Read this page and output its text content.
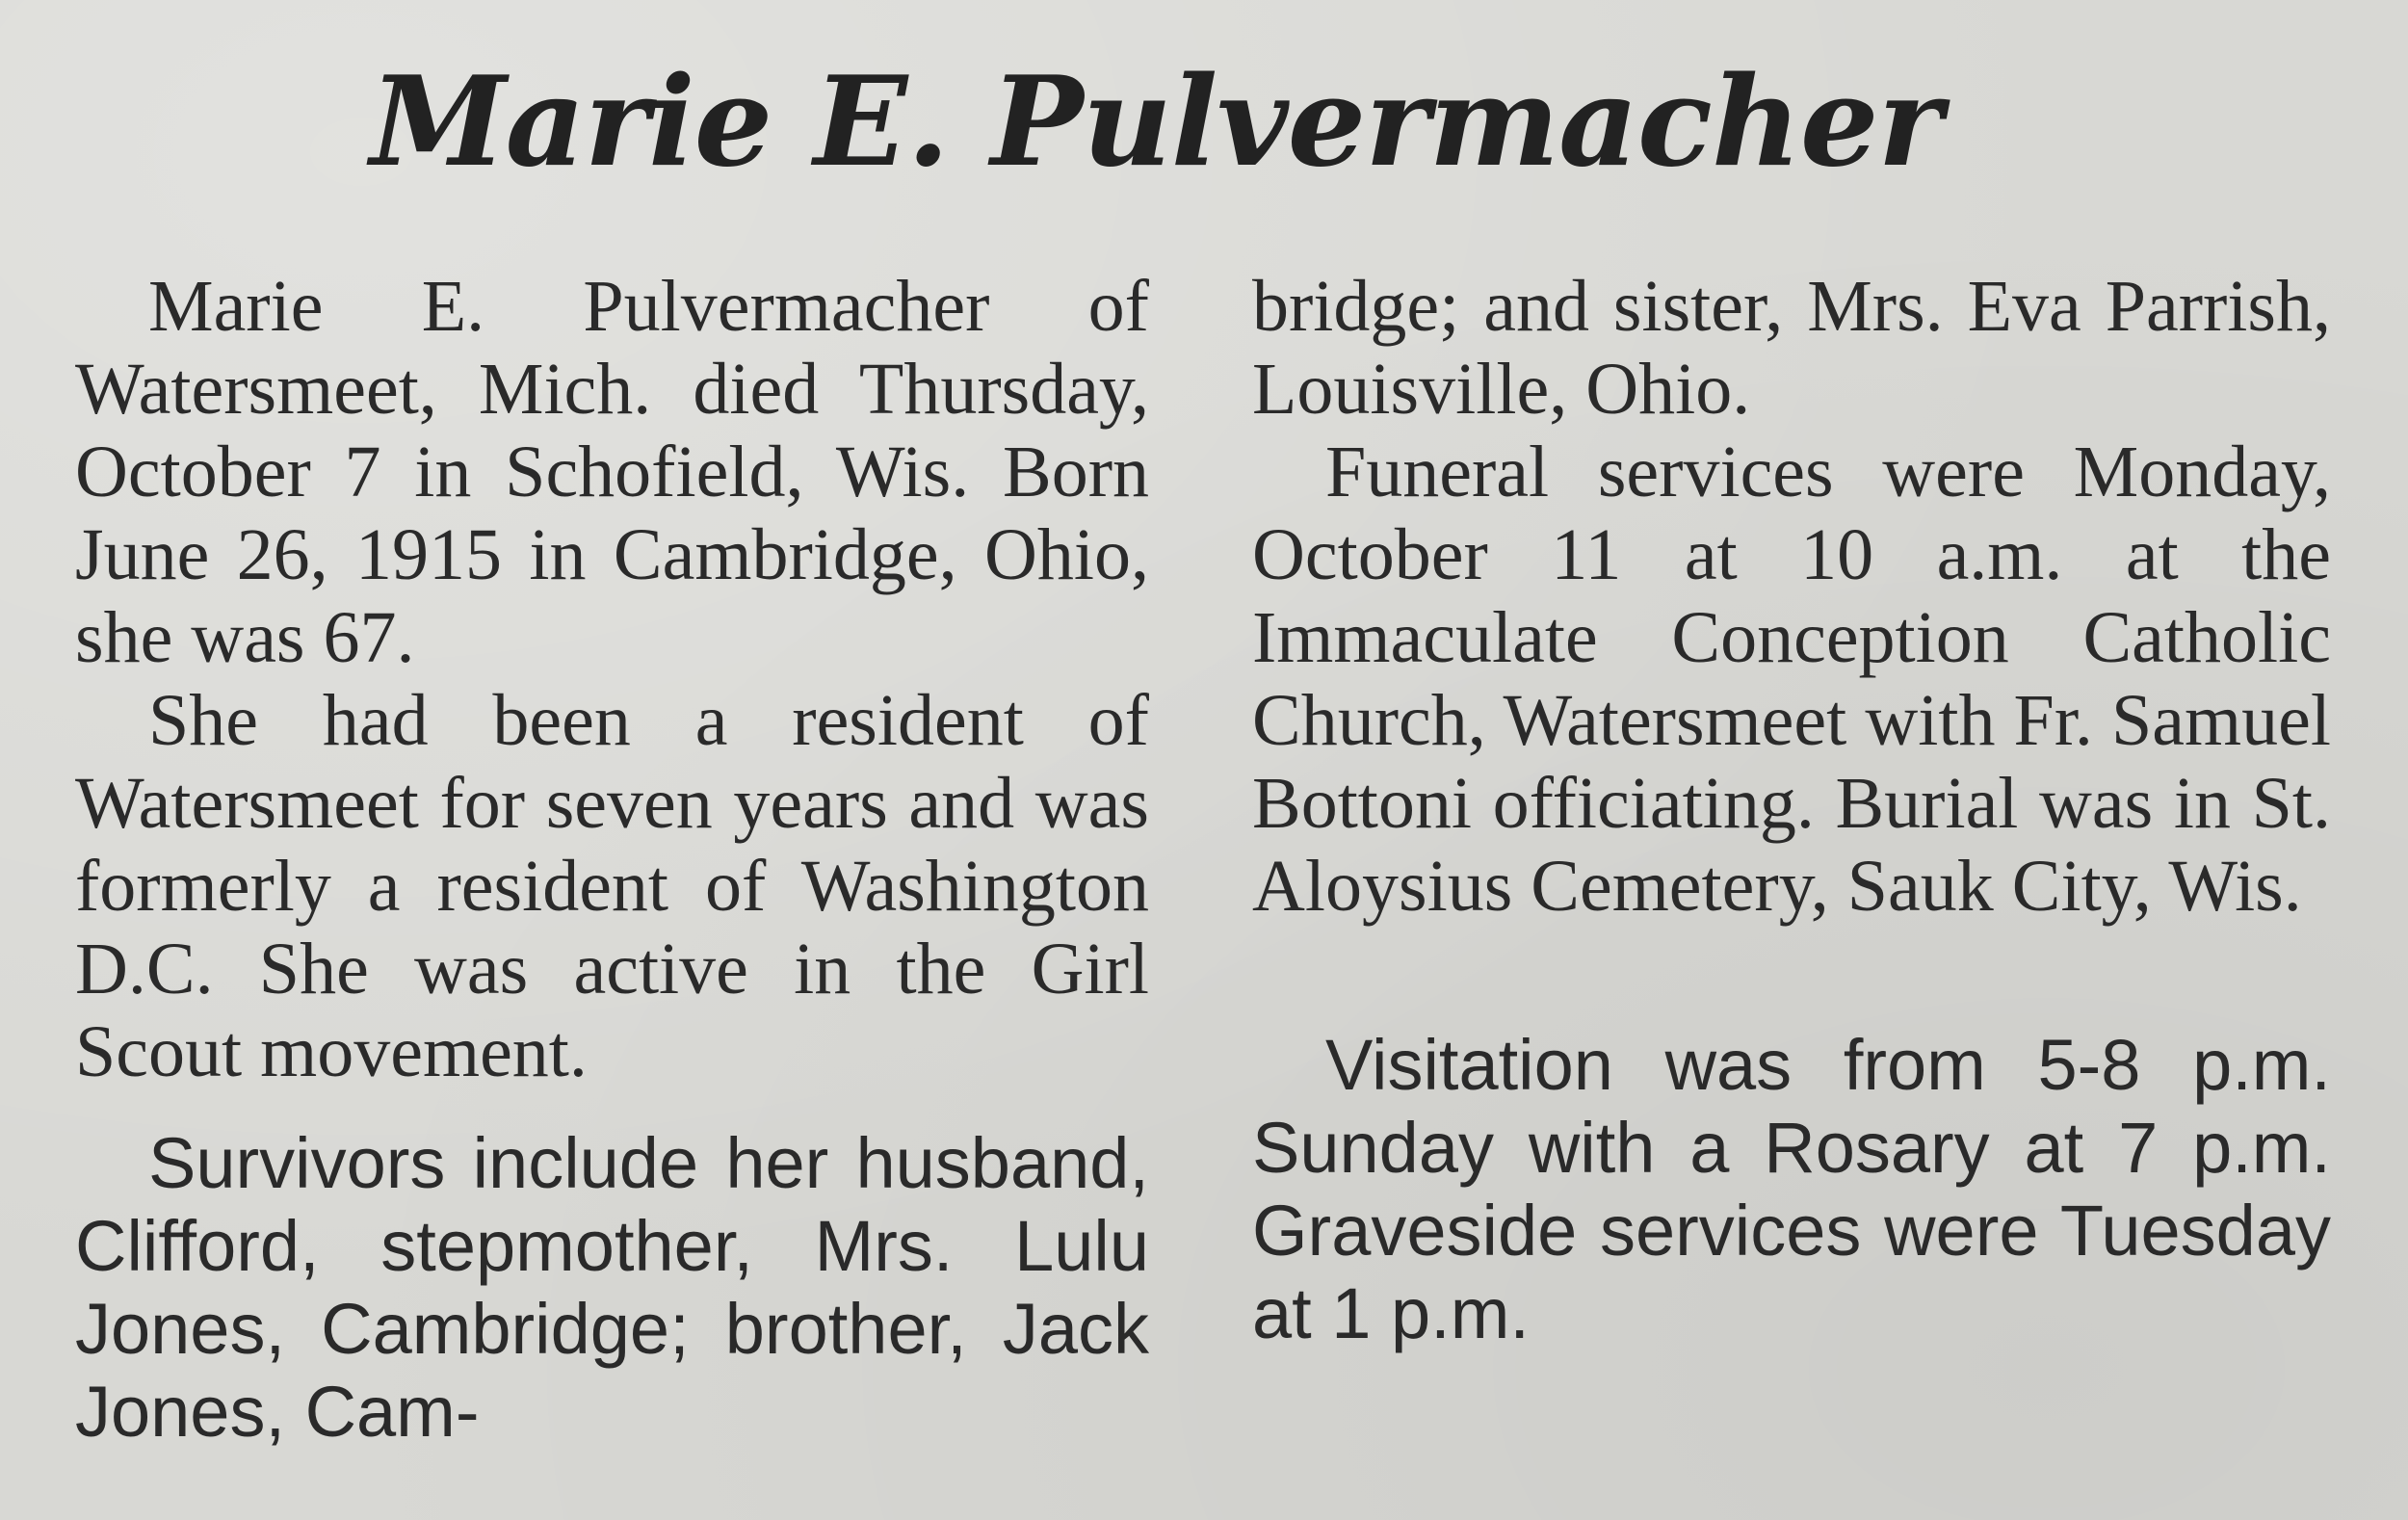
Marie E. Pulvermacher

Marie E. Pulvermacher of Watersmeet, Mich. died Thursday, October 7 in Schofield, Wis. Born June 26, 1915 in Cambridge, Ohio, she was 67.

She had been a resident of Watersmeet for seven years and was formerly a resident of Washington D.C. She was active in the Girl Scout movement.

Survivors include her husband, Clifford, stepmother, Mrs. Lulu Jones, Cambridge; brother, Jack Jones, Cam-

bridge; and sister, Mrs. Eva Parrish, Louisville, Ohio.

Funeral services were Monday, October 11 at 10 a.m. at the Immaculate Conception Catholic Church, Watersmeet with Fr. Samuel Bottoni officiating. Burial was in St. Aloysius Cemetery, Sauk City, Wis.

Visitation was from 5-8 p.m. Sunday with a Rosary at 7 p.m. Graveside services were Tuesday at 1 p.m.
